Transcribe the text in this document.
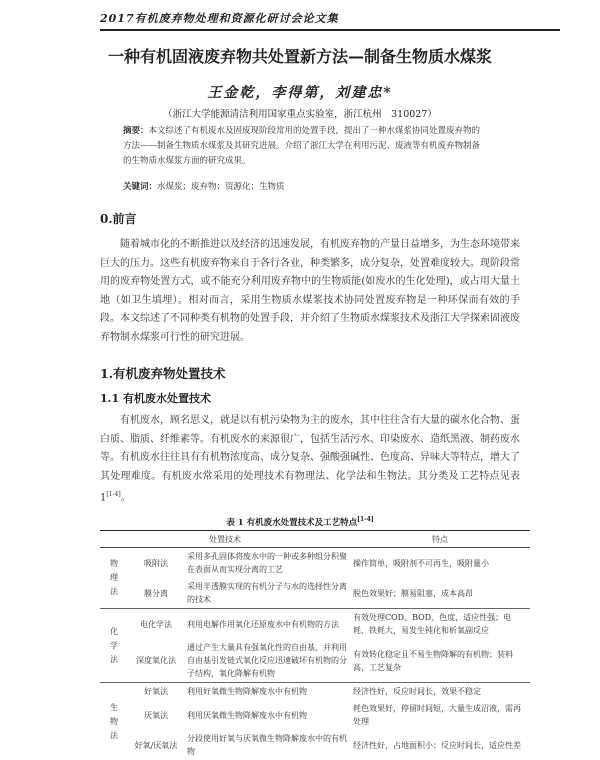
2017有机废弃物处理和资源化研讨会论文集
一种有机固液废弃物共处置新方法—制备生物质水煤浆
王金乾，李得第，刘建忠*
（浙江大学能源清洁利用国家重点实验室，浙江杭州　310027）
摘要：本文综述了有机废水及固废现阶段常用的处置手段，提出了一种水煤浆协同处置废弃物的方法——制备生物质水煤浆及其研究进展。介绍了浙江大学在利用污泥、废液等有机废弃物制备的生物质水煤浆方面的研究成果。
关键词：水煤浆；废弃物；资源化；生物质
0.前言
随着城市化的不断推进以及经济的迅速发展，有机废弃物的产量日益增多，为生态环境带来巨大的压力。这些有机废弃物来自于各行各业，种类繁多，成分复杂，处置难度较大。现阶段常用的废弃物处置方式，或不能充分利用废弃物中的生物质能(如废水的生化处理)，或占用大量土地（如卫生填埋）。相对而言，采用生物质水煤浆技术协同处置废弃物是一种环保而有效的手段。本文综述了不同种类有机物的处置手段，并介绍了生物质水煤浆技术及浙江大学探索固液废弃物制水煤浆可行性的研究进展。
1.有机废弃物处置技术
1.1 有机废水处置技术
有机废水，顾名思义，就是以有机污染物为主的废水，其中往往含有大量的碳水化合物、蛋白质、脂质、纤维素等。有机废水的来源很广，包括生活污水、印染废水、造纸黑液、制药废水等。有机废水往往具有有机物浓度高、成分复杂、强酸强碱性、色度高、异味大等特点，增大了其处理难度。有机废水常采用的处理技术有物理法、化学法和生物法。其分类及工艺特点见表 1[1-4]。
表 1 有机废水处置技术及工艺特点[1-4]
处置技术			特点

物
理
法	吸附法	采用多孔固体将废水中的一种或多种组分积聚在表面从而实现分离的工艺	操作简单，吸附剂不可再生，吸附量小
	膜分离	采用半透膜实现的有机分子与水的选择性分离的技术	脱色效果好；膜易阻塞，成本高昂

化
学
法	电化学法	利用电解作用氧化还原废水中有机物的方法	有效处理COD、BOD、色度，适应性强；电耗、铁耗大，易发生钝化和析氧副反应
	深度氧化法	通过产生大量具有强氧化性的自由基，并利用自由基引发链式氧化反应迅速破坏有机物的分子结构，氧化降解有机物	有效转化稳定且不易生物降解的有机物；装料高，工艺复杂

生
物
法	好氧法	利用好氧微生物降解废水中有机物	经济性好，反应时间长，效果不稳定
	厌氧法	利用厌氧微生物降解废水中有机物	耗色效果好，停留时间短，大量生成沼液，需再处理
	好氧/厌氧法	分段使用好氧与厌氧微生物降解废水中的有机物	经济性好，占地面积小；反应时间长，适应性差
